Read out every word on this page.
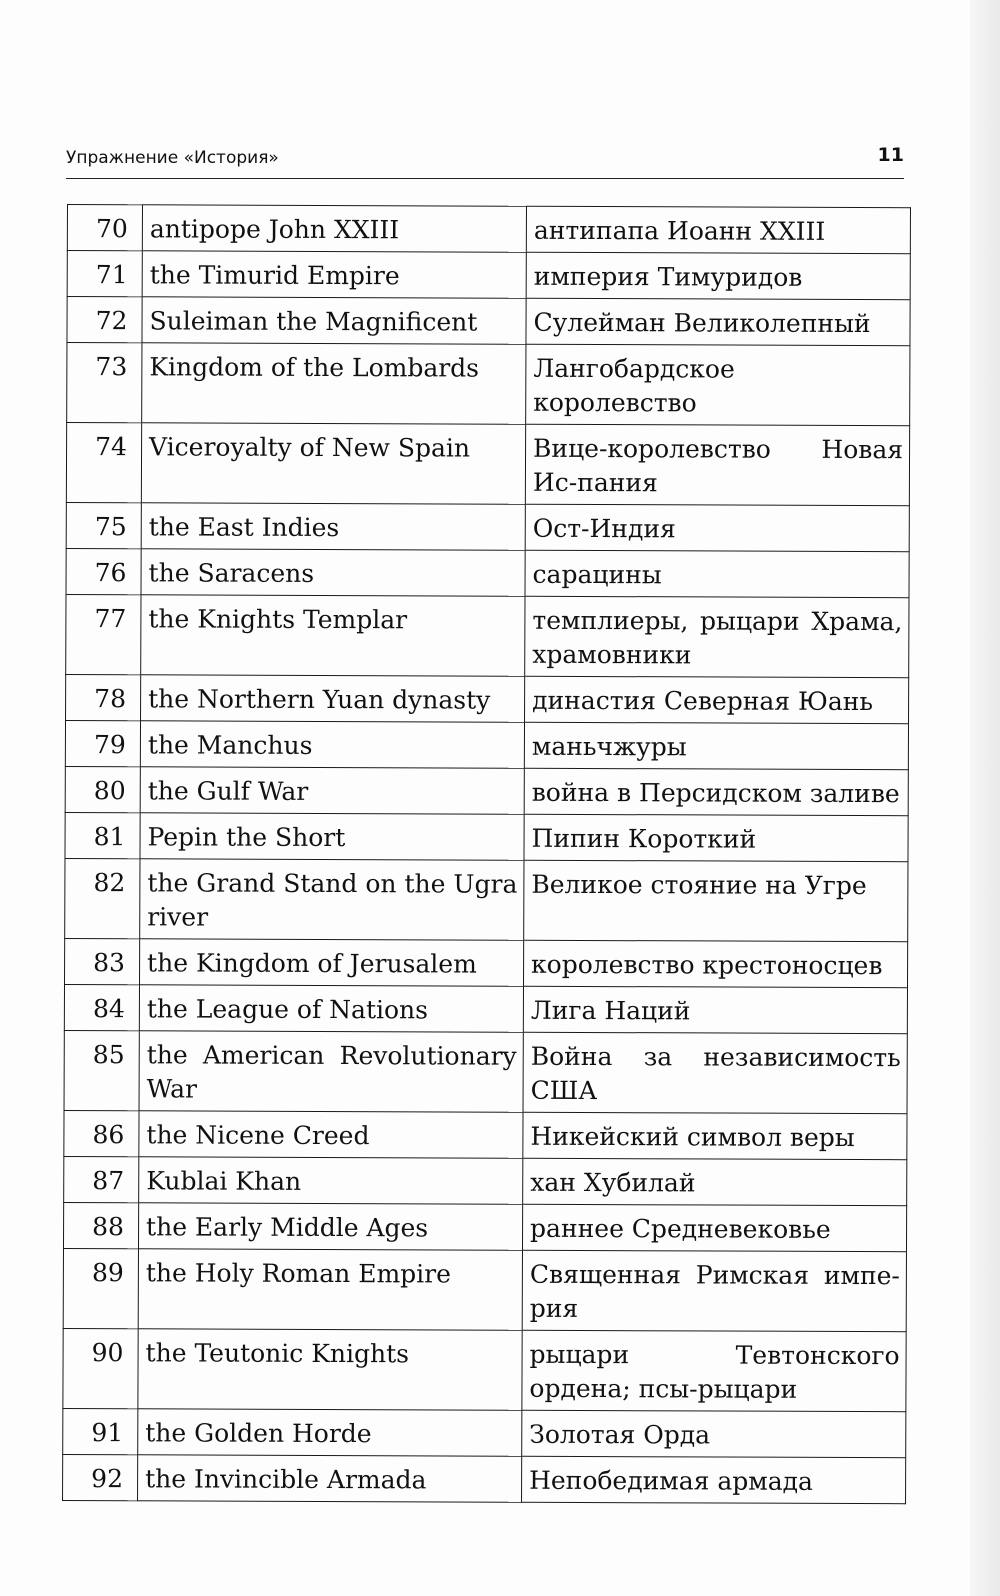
Упражнение «История»	11
70	antipope John XXIII	антипапа Иоанн XXIII
71	the Timurid Empire	империя Тимуридов
72	Suleiman the Magnificent	Сулейман Великолепный
73	Kingdom of the Lombards	Лангобардское королевство
74	Viceroyalty of New Spain	Вице-королевство Новая Ис-пания
75	the East Indies	Ост-Индия
76	the Saracens	сарацины
77	the Knights Templar	темплиеры, рыцари Храма, храмовники
78	the Northern Yuan dynasty	династия Северная Юань
79	the Manchus	маньчжуры
80	the Gulf War	война в Персидском заливе
81	Pepin the Short	Пипин Короткий
82	the Grand Stand on the Ugra river	Великое стояние на Угре
83	the Kingdom of Jerusalem	королевство крестоносцев
84	the League of Nations	Лига Наций
85	the American Revolutionary War	Война за независимость США
86	the Nicene Creed	Никейский символ веры
87	Kublai Khan	хан Хубилай
88	the Early Middle Ages	раннее Средневековье
89	the Holy Roman Empire	Священная Римская импе-рия
90	the Teutonic Knights	рыцари Тевтонского ордена; псы-рыцари
91	the Golden Horde	Золотая Орда
92	the Invincible Armada	Непобедимая армада
